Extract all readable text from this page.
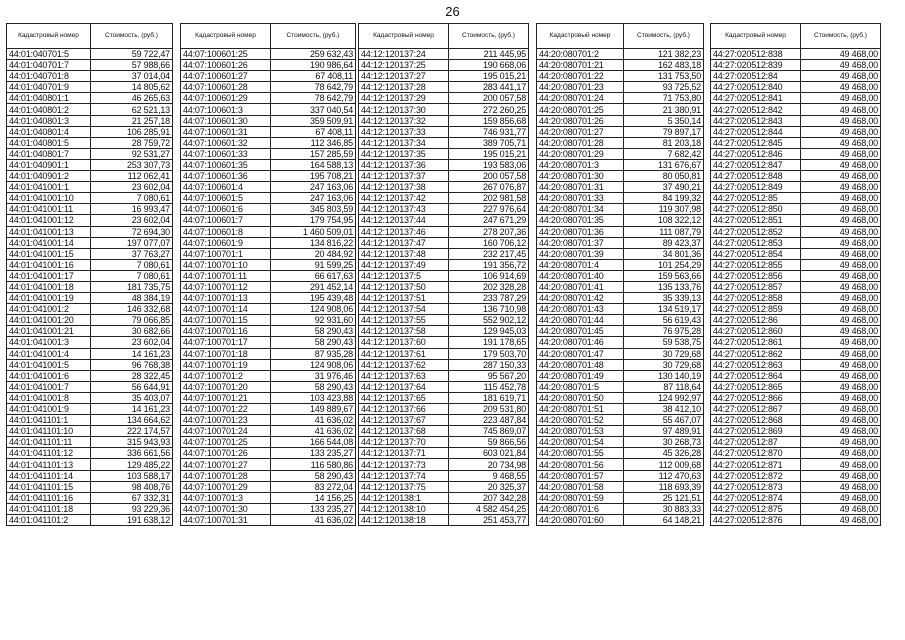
26
Кадастровый номер	Стоимость, (руб.)
44:01:040701:5	59 722,47
44:01:040701:7	57 988,66
44:01:040701:8	37 014,04
44:01:040701:9	14 805,62
44:01:040801:1	46 265,63
44:01:040801:2	62 521,13
44:01:040801:3	21 257,18
44:01:040801:4	106 285,91
44:01:040801:5	28 759,72
44:01:040801:7	92 531,27
44:01:040901:1	253 307,73
44:01:040901:2	112 062,41
44:01:041001:1	23 602,04
44:01:041001:10	7 080,61
44:01:041001:11	16 993,47
44:01:041001:12	23 602,04
44:01:041001:13	72 694,30
44:01:041001:14	197 077,07
44:01:041001:15	37 763,27
44:01:041001:16	7 080,61
44:01:041001:17	7 080,61
44:01:041001:18	181 735,75
44:01:041001:19	48 384,19
44:01:041001:2	146 332,68
44:01:041001:20	79 066,85
44:01:041001:21	30 682,66
44:01:041001:3	23 602,04
44:01:041001:4	14 161,23
44:01:041001:5	96 768,38
44:01:041001:6	28 322,45
44:01:041001:7	56 644,91
44:01:041001:8	35 403,07
44:01:041001:9	14 161,23
44:01:041101:1	134 664,62
44:01:041101:10	222 174,57
44:01:041101:11	315 943,93
44:01:041101:12	336 661,56
44:01:041101:13	129 485,22
44:01:041101:14	103 588,17
44:01:041101:15	98 408,76
44:01:041101:16	67 332,31
44:01:041101:18	93 229,36
44:01:041101:2	191 638,12
Кадастровый номер	Стоимость, (руб.)
44:07:100601:25	259 632,43
44:07:100601:26	190 986,64
44:07:100601:27	67 408,11
44:07:100601:28	78 642,79
44:07:100601:29	78 642,79
44:07:100601:3	337 040,54
44:07:100601:30	359 509,91
44:07:100601:31	67 408,11
44:07:100601:32	112 346,85
44:07:100601:33	157 285,59
44:07:100601:35	164 588,13
44:07:100601:36	195 708,21
44:07:100601:4	247 163,06
44:07:100601:5	247 163,06
44:07:100601:6	345 803,59
44:07:100601:7	179 754,95
44:07:100601:8	1 460 509,01
44:07:100601:9	134 816,22
44:07:100701:1	20 484,92
44:07:100701:10	91 599,25
44:07:100701:11	66 617,63
44:07:100701:12	291 452,14
44:07:100701:13	195 439,48
44:07:100701:14	124 908,06
44:07:100701:15	92 931,60
44:07:100701:16	58 290,43
44:07:100701:17	58 290,43
44:07:100701:18	87 935,28
44:07:100701:19	124 908,06
44:07:100701:2	31 976,46
44:07:100701:20	58 290,43
44:07:100701:21	103 423,88
44:07:100701:22	149 889,67
44:07:100701:23	41 636,02
44:07:100701:24	41 636,02
44:07:100701:25	166 544,08
44:07:100701:26	133 235,27
44:07:100701:27	116 580,86
44:07:100701:28	58 290,43
44:07:100701:29	83 272,04
44:07:100701:3	14 156,25
44:07:100701:30	133 235,27
44:07:100701:31	41 636,02
Кадастровый номер	Стоимость, (руб.)
44:12:120137:24	211 445,95
44:12:120137:25	190 668,06
44:12:120137:27	195 015,21
44:12:120137:28	283 441,17
44:12:120137:29	200 057,58
44:12:120137:30	272 260,25
44:12:120137:32	159 856,68
44:12:120137:33	746 931,77
44:12:120137:34	389 705,71
44:12:120137:35	195 015,21
44:12:120137:36	193 583,06
44:12:120137:37	200 057,58
44:12:120137:38	267 076,87
44:12:120137:42	202 981,58
44:12:120137:43	227 976,64
44:12:120137:44	247 671,29
44:12:120137:46	278 207,36
44:12:120137:47	160 706,12
44:12:120137:48	232 217,45
44:12:120137:49	191 356,72
44:12:120137:5	106 914,69
44:12:120137:50	202 328,28
44:12:120137:51	233 787,29
44:12:120137:54	136 710,98
44:12:120137:55	552 902,12
44:12:120137:58	129 945,03
44:12:120137:60	191 178,65
44:12:120137:61	179 503,70
44:12:120137:62	287 150,33
44:12:120137:63	95 567,20
44:12:120137:64	115 452,78
44:12:120137:65	181 619,71
44:12:120137:66	209 531,80
44:12:120137:67	223 487,84
44:12:120137:68	745 869,07
44:12:120137:70	59 866,56
44:12:120137:71	603 021,84
44:12:120137:73	20 734,98
44:12:120137:74	9 468,55
44:12:120137:75	20 325,37
44:12:120138:1	207 342,28
44:12:120138:10	4 582 454,25
44:12:120138:18	251 453,77
Кадастровый номер	Стоимость, (руб.)
44:20:080701:2	121 382,23
44:20:080701:21	162 483,18
44:20:080701:22	131 753,50
44:20:080701:23	93 725,52
44:20:080701:24	71 753,80
44:20:080701:25	21 380,91
44:20:080701:26	5 350,14
44:20:080701:27	79 897,17
44:20:080701:28	81 203,18
44:20:080701:29	7 682,42
44:20:080701:3	131 676,67
44:20:080701:30	80 050,81
44:20:080701:31	37 490,21
44:20:080701:33	84 199,32
44:20:080701:34	119 307,98
44:20:080701:35	108 322,12
44:20:080701:36	111 087,79
44:20:080701:37	89 423,37
44:20:080701:39	34 801,36
44:20:080701:4	101 254,29
44:20:080701:40	159 563,66
44:20:080701:41	135 133,76
44:20:080701:42	35 339,13
44:20:080701:43	134 519,17
44:20:080701:44	56 619,43
44:20:080701:45	76 975,28
44:20:080701:46	59 538,75
44:20:080701:47	30 729,68
44:20:080701:48	30 729,68
44:20:080701:49	130 140,19
44:20:080701:5	87 118,64
44:20:080701:50	124 992,97
44:20:080701:51	38 412,10
44:20:080701:52	55 467,07
44:20:080701:53	97 489,91
44:20:080701:54	30 268,73
44:20:080701:55	45 326,28
44:20:080701:56	112 009,68
44:20:080701:57	112 470,63
44:20:080701:58	118 693,39
44:20:080701:59	25 121,51
44:20:080701:6	30 883,33
44:20:080701:60	64 148,21
Кадастровый номер	Стоимость, (руб.)
44:27:020512:838	49 468,00
44:27:020512:839	49 468,00
44:27:020512:84	49 468,00
44:27:020512:840	49 468,00
44:27:020512:841	49 468,00
44:27:020512:842	49 468,00
44:27:020512:843	49 468,00
44:27:020512:844	49 468,00
44:27:020512:845	49 468,00
44:27:020512:846	49 468,00
44:27:020512:847	49 468,00
44:27:020512:848	49 468,00
44:27:020512:849	49 468,00
44:27:020512:85	49 468,00
44:27:020512:850	49 468,00
44:27:020512:851	49 468,00
44:27:020512:852	49 468,00
44:27:020512:853	49 468,00
44:27:020512:854	49 468,00
44:27:020512:855	49 468,00
44:27:020512:856	49 468,00
44:27:020512:857	49 468,00
44:27:020512:858	49 468,00
44:27:020512:859	49 468,00
44:27:020512:86	49 468,00
44:27:020512:860	49 468,00
44:27:020512:861	49 468,00
44:27:020512:862	49 468,00
44:27:020512:863	49 468,00
44:27:020512:864	49 468,00
44:27:020512:865	49 468,00
44:27:020512:866	49 468,00
44:27:020512:867	49 468,00
44:27:020512:868	49 468,00
44:27:020512:869	49 468,00
44:27:020512:87	49 468,00
44:27:020512:870	49 468,00
44:27:020512:871	49 468,00
44:27:020512:872	49 468,00
44:27:020512:873	49 468,00
44:27:020512:874	49 468,00
44:27:020512:875	49 468,00
44:27:020512:876	49 468,00
